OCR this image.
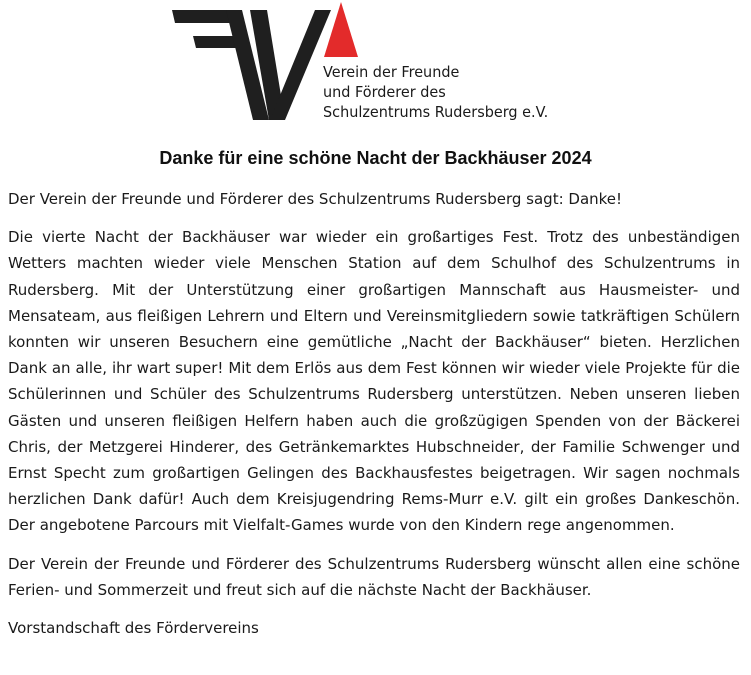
Verein der Freunde
und Förderer des
Schulzentrums Rudersberg e.V.
Danke für eine schöne Nacht der Backhäuser 2024

Der Verein der Freunde und Förderer des Schulzentrums Rudersberg sagt: Danke!

Die vierte Nacht der Backhäuser war wieder ein großartiges Fest. Trotz des unbeständigen Wetters machten wieder viele Menschen Station auf dem Schulhof des Schulzentrums in Rudersberg. Mit der Unterstützung einer großartigen Mannschaft aus Hausmeister- und Mensateam, aus fleißigen Lehrern und Eltern und Vereinsmitgliedern sowie tatkräftigen Schülern konnten wir unseren Besuchern eine gemütliche „Nacht der Backhäuser“ bieten. Herzlichen Dank an alle, ihr wart super! Mit dem Erlös aus dem Fest können wir wieder viele Projekte für die Schülerinnen und Schüler des Schulzentrums Rudersberg unterstützen. Neben unseren lieben Gästen und unseren fleißigen Helfern haben auch die großzügigen Spenden von der Bäckerei Chris, der Metzgerei Hinderer, des Getränkemarktes Hubschneider, der Familie Schwenger und Ernst Specht zum großartigen Gelingen des Backhausfestes beigetragen. Wir sagen nochmals herzlichen Dank dafür! Auch dem Kreisjugendring Rems-Murr e.V. gilt ein großes Dankeschön. Der angebotene Parcours mit Vielfalt-Games wurde von den Kindern rege angenommen.

Der Verein der Freunde und Förderer des Schulzentrums Rudersberg wünscht allen eine schöne Ferien- und Sommerzeit und freut sich auf die nächste Nacht der Backhäuser.

Vorstandschaft des Fördervereins
